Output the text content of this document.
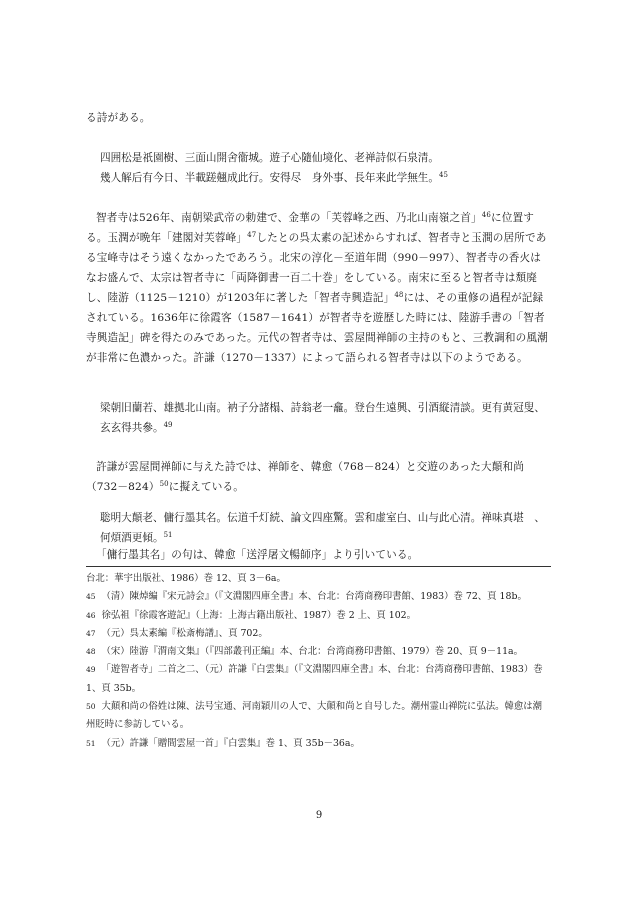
る詩がある。

四囲松是祇園樹、三面山開舍衞城。遊子心隨仙境化、老禅詩似石泉清。

幾人解后有今日、半載蹉翹成此行。安得尽　身外事、長年来此学無生。$^{45}$

智者寺は526年、南朝梁武帝の勅建で、金華の「芙蓉峰之西、乃北山南嶺之首」$^{46}$に位置する。玉潤が晩年「建閣対芙蓉峰」$^{47}$したとの呉太素の記述からすれば、智者寺と玉澗の居所である宝峰寺はそう遠くなかったであろう。北宋の淳化－至道年間（990－997）、智者寺の香火はなお盛んで、太宗は智者寺に「両降御書一百二十巻」をしている。南宋に至ると智者寺は頽廃し、陸游（1125－1210）が1203年に著した「智者寺興造記」$^{48}$には、その重修の過程が記録されている。1636年に徐霞客（1587－1641）が智者寺を遊歴した時には、陸游手書の「智者寺興造記」碑を得たのみであった。元代の智者寺は、雲屋間禅師の主持のもと、三教調和の風潮が非常に色濃かった。許謙（1270－1337）によって語られる智者寺は以下のようである。

梁朝旧蘭若、雄拠北山南。衲子分諸榻、詩翁老一龕。登台生遠興、引酒縦清談。更有黄冠叟、玄玄得共參。$^{49}$

許謙が雲屋間禅師に与えた詩では、禅師を、韓愈（768－824）と交遊のあった大顛和尚$(732-824)^{50}$に擬えている。

聡明大顛老、傭行墨其名。伝道千灯続、論文四座驚。雲和虚室白、山与此心清。禅味真堪　、何煩酒更傾。$^{51}$

「傭行墨其名」の句は、韓愈「送浮屠文暢師序」より引いている。

台北：華宇出版社、1986）巻 12、頁 3－6a。

45 （清）陳焯編『宋元詩会』（『文淵閣四庫全書』本、台北：台湾商務印書館、1983）巻 72、頁 18b。

46 徐弘祖『徐霞客遊記』（上海：上海古籍出版社、1987）巻 2 上、頁 102。

47 （元）呉太素編『松斎梅譜』、頁 702。

48 （宋）陸游『渭南文集』（『四部叢刊正編』本、台北：台湾商務印書館、1979）巻 20、頁 9－11a。

49 「遊智者寺」二首之二、（元）許謙『白雲集』（『文淵閣四庫全書』本、台北：台湾商務印書館、1983）巻 1、頁 35b。

50 大顛和尚の俗姓は陳、法号宝通、河南穎川の人で、大顛和尚と自号した。潮州霊山禅院に弘法。韓愈は潮州貶時に参訪している。

51 （元）許謙「贈間雲屋一首」『白雲集』巻 1、頁 35b－36a。

9
